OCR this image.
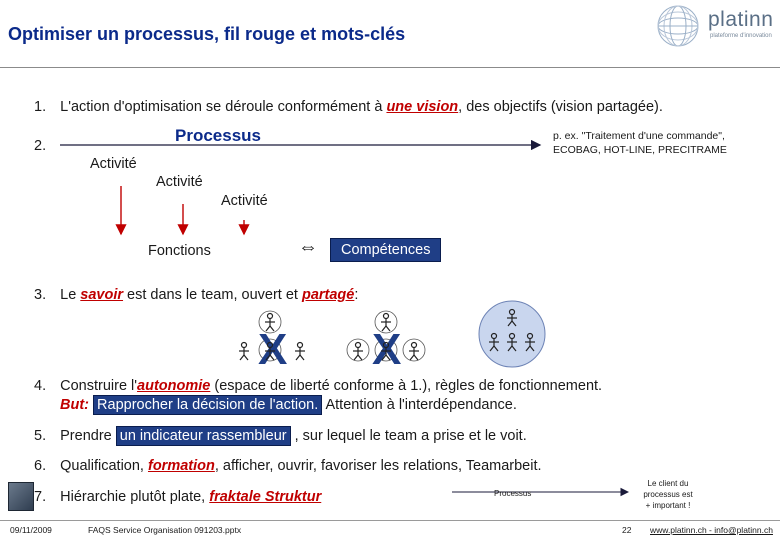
Optimiser un processus, fil rouge et mots-clés
platinn
plateforme d'innovation
1. L'action d'optimisation se déroule conformément à une vision, des objectifs (vision partagée).
2.
Processus	p. ex. "Traitement d'une commande",
ECOBAG, HOT-LINE, PRECITRAME
Activité
Activité
Activité
Fonctions	⇔	Compétences
3. Le savoir est dans le team, ouvert et partagé:
X X
4. Construire l'autonomie (espace de liberté conforme à 1.), règles de fonctionnement.
But: Rapprocher la décision de l'action. Attention à l'interdépendance.
5. Prendre un indicateur rassembleur , sur lequel le team a prise et le voit.
6. Qualification, formation, afficher, ouvrir, favoriser les relations, Teamarbeit.
7. Hiérarchie plutôt plate, fraktale Struktur	Processus
Le client du
processus est
+ important !
09/11/2009	FAQS Service Organisation 091203.pptx	22 www.platinn.ch - info@platinn.ch
